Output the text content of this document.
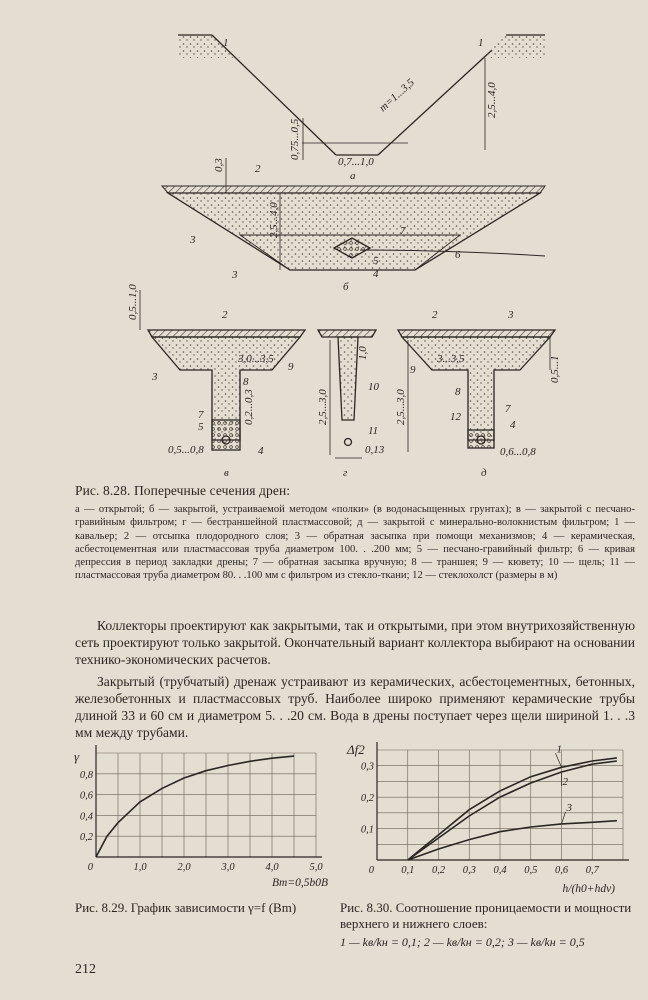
1	1
m=1...3,5	2,5...4,0
0,75...0,5
0,7...1,0
а
0,3	2
3
2,5...4,0	7
5
4
6
3
б
0,5...1,0	2
3
3,0...3,5
9
8
0,2...0,3
7
5
4
0,5...0,8
в
1,0
2,5...3,0
10
11
0,13
г
2	3
9
2,5...3,0
3...3,5	0,5...1
8
7
12
4
0,6...0,8
д
Рис. 8.28. Поперечные сечения дрен:
а — открытой; б — закрытой, устраиваемой методом «полки» (в водонасыщенных грунтах); в — закрытой с песчано-гравийным фильтром; г — бестраншейной пластмассовой; д — закрытой с минерально-волокнистым фильтром; 1 — кавальер; 2 — отсыпка плодородного слоя; 3 — обратная засыпка при помощи механизмов; 4 — керамическая, асбестоцементная или пластмассовая труба диаметром 100. . .200 мм; 5 — песчано-гравийный фильтр; 6 — кривая депрессия в период закладки дрены; 7 — обратная засыпка вручную; 8 — траншея; 9 — кювету; 10 — щель; 11 — пластмассовая труба диаметром 80. . .100 мм с фильтром из стекло-ткани; 12 — стеклохолст (размеры в м)
Коллекторы проектируют как закрытыми, так и открытыми, при этом внутрихозяйственную сеть проектируют только закрытой. Окончательный вариант коллектора выбирают на основании технико-экономических расчетов.
Закрытый (трубчатый) дренаж устраивают из керамических, асбестоцементных, бетонных, железобетонных и пластмассовых труб. Наиболее широко применяют керамические трубы длиной 33 и 60 см и диаметром 5. . .20 см. Вода в дрены поступает через щели шириной 1. . .3 мм между трубами.
1,0	2,0	3,0	4,0	5,0
0,2
0,4
0,6
0,8
0
γ
Bm=0,5b0B
Рис. 8.29. График зависимости γ=f (Bm)
0,1 0,2 0,3 0,4 0,5 0,6 0,7
0,1
0,2
0,3
0
Δf2
h/(h0+hdv)
1
2
3
Рис. 8.30. Соотношение проницаемости и мощности верхнего и нижнего слоев:
1 — kв/kн = 0,1; 2 — kв/kн = 0,2; 3 — kв/kн = 0,5
212
